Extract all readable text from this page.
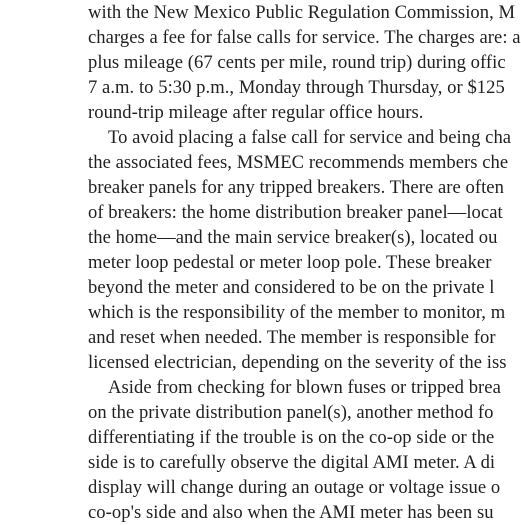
with the New Mexico Public Regulation Commission, M
charges a fee for false calls for service. The charges are: a
plus mileage (67 cents per mile, round trip) during offic
7 a.m. to 5:30 p.m., Monday through Thursday, or $125
round-trip mileage after regular office hours.
To avoid placing a false call for service and being cha
the associated fees, MSMEC recommends members che
breaker panels for any tripped breakers. There are often
of breakers: the home distribution breaker panel—locat
the home—and the main service breaker(s), located ou
meter loop pedestal or meter loop pole. These breaker
beyond the meter and considered to be on the private l
which is the responsibility of the member to monitor, m
and reset when needed. The member is responsible for
licensed electrician, depending on the severity of the iss
Aside from checking for blown fuses or tripped brea
on the private distribution panel(s), another method fo
differentiating if the trouble is on the co-op side or the
side is to carefully observe the digital AMI meter. A di
display will change during an outage or voltage issue o
co-op's side and also when the AMI meter has been su
